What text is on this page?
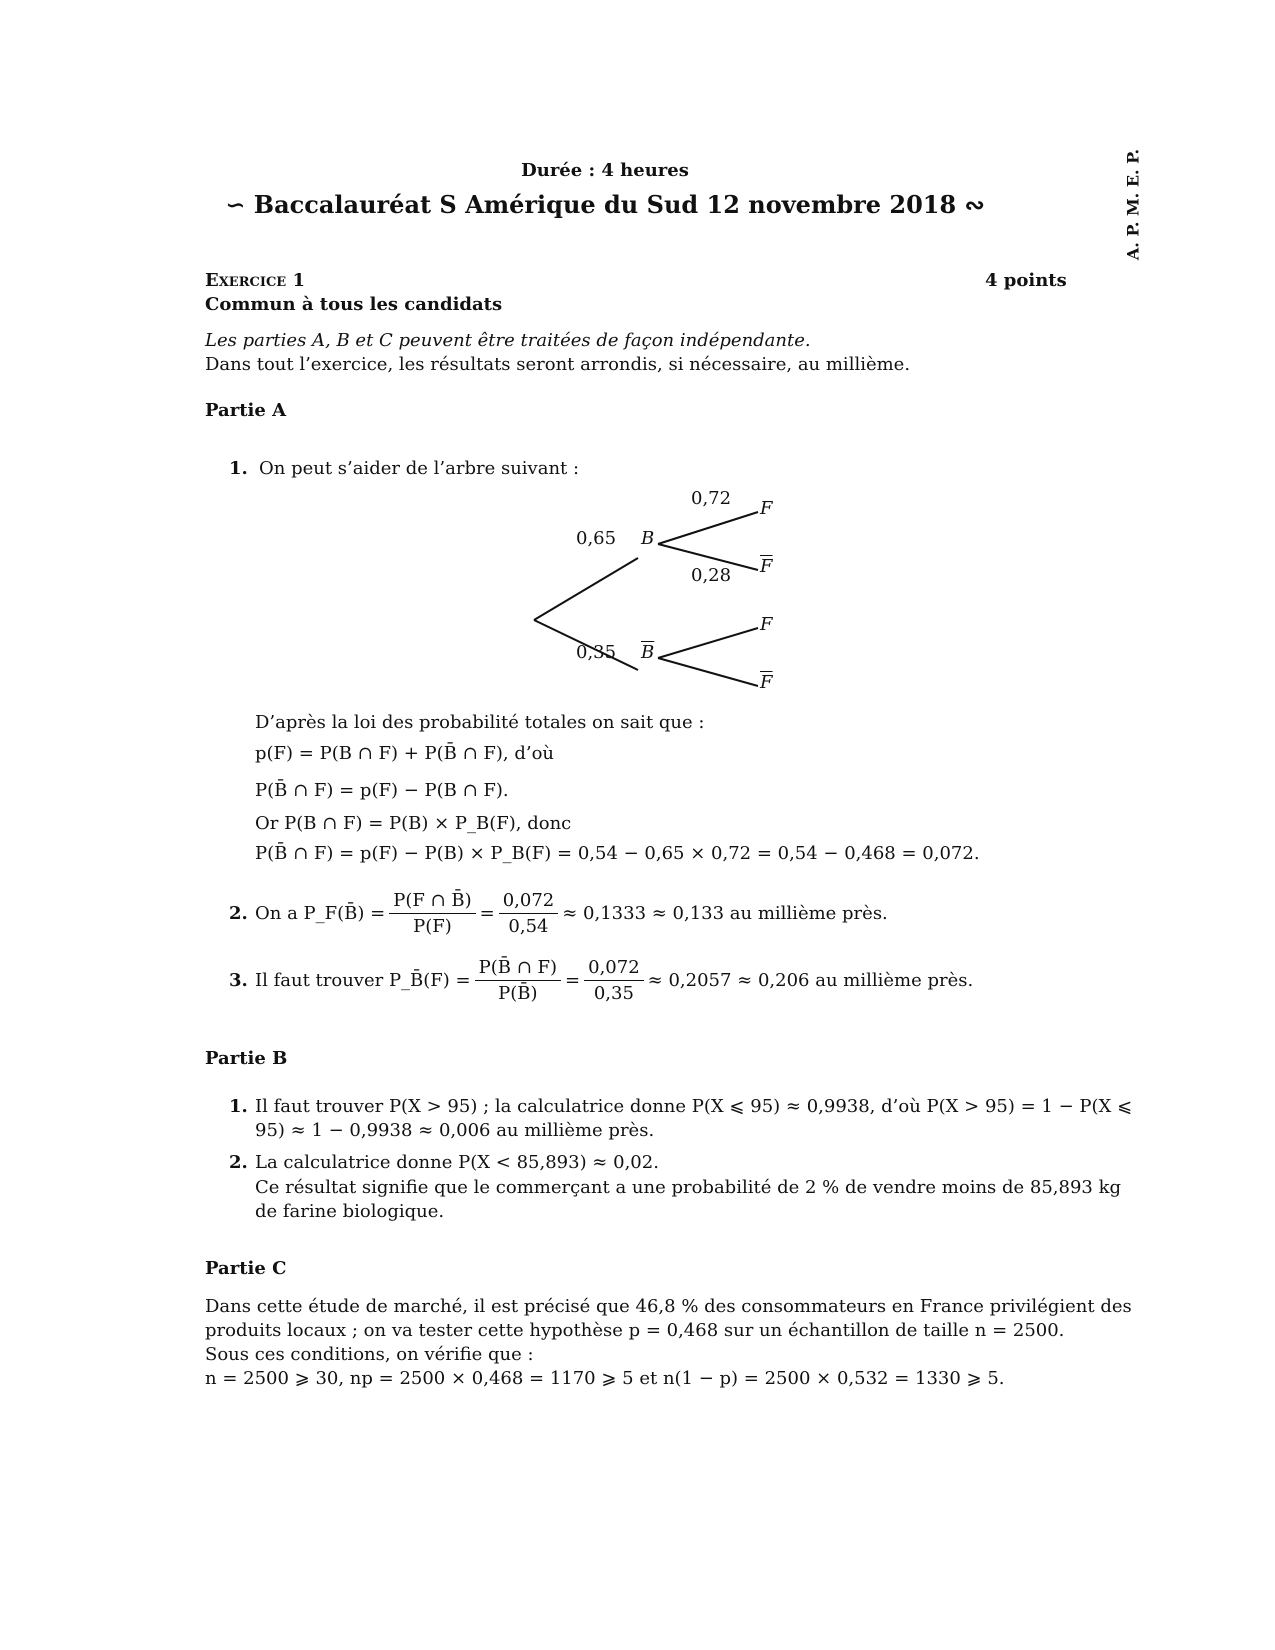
A. P. M. E. P.
Durée : 4 heures
∽ Baccalauréat S Amérique du Sud 12 novembre 2018 ∾
Exercice 1	4 points
Commun à tous les candidats
Les parties A, B et C peuvent être traitées de façon indépendante.
Dans tout l’exercice, les résultats seront arrondis, si nécessaire, au millième.
Partie A
1. On peut s’aider de l’arbre suivant :
0,65
0,35
0,72
0,28
B
$\overline{B}$
F
$\overline{F}$
F
$\overline{F}$
D’après la loi des probabilité totales on sait que :
p(F) = P(B ∩ F) + P(B̄ ∩ F), d’où
P(B̄ ∩ F) = p(F) − P(B ∩ F).
Or P(B ∩ F) = P(B) × P_B(F), donc
P(B̄ ∩ F) = p(F) − P(B) × P_B(F) = 0,54 − 0,65 × 0,72 = 0,54 − 0,468 = 0,072.
2. On a P_F(B̄) = $\frac{P(F \cap B̄)}{P(F)} = \frac{0,072}{0,54} \approx 0,1333 \approx 0,133$ au millième près.
3. Il faut trouver P_B̄(F) = $\frac{P(B̄ \cap F)}{P(B̄)} = \frac{0,072}{0,35} \approx 0,2057 \approx 0,206$ au millième près.
Partie B
1. Il faut trouver P(X > 95) ; la calculatrice donne P(X ⩽ 95) ≈ 0,9938, d’où P(X > 95) = 1 − P(X ⩽
95) ≈ 1 − 0,9938 ≈ 0,006 au millième près.
2. La calculatrice donne P(X < 85,893) ≈ 0,02.
Ce résultat signifie que le commerçant a une probabilité de 2 % de vendre moins de 85,893 kg
de farine biologique.
Partie C
Dans cette étude de marché, il est précisé que 46,8 % des consommateurs en France privilégient des
produits locaux ; on va tester cette hypothèse p = 0,468 sur un échantillon de taille n = 2500.
Sous ces conditions, on vérifie que :
n = 2500 ⩾ 30, np = 2500 × 0,468 = 1170 ⩾ 5 et n(1 − p) = 2500 × 0,532 = 1330 ⩾ 5.
